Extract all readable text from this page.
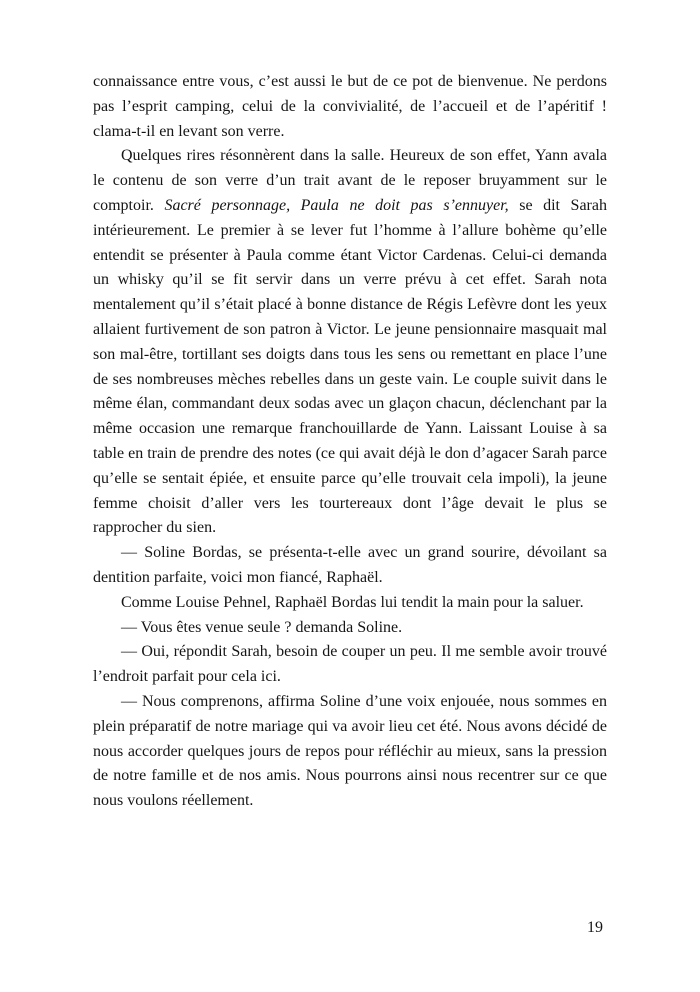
connaissance entre vous, c’est aussi le but de ce pot de bienvenue. Ne perdons pas l’esprit camping, celui de la convivialité, de l’accueil et de l’apéritif ! clama-t-il en levant son verre.

Quelques rires résonnèrent dans la salle. Heureux de son effet, Yann avala le contenu de son verre d’un trait avant de le reposer bruyamment sur le comptoir. Sacré personnage, Paula ne doit pas s’ennuyer, se dit Sarah intérieurement. Le premier à se lever fut l’homme à l’allure bohème qu’elle entendit se présenter à Paula comme étant Victor Cardenas. Celui-ci demanda un whisky qu’il se fit servir dans un verre prévu à cet effet. Sarah nota mentalement qu’il s’était placé à bonne distance de Régis Lefèvre dont les yeux allaient furtivement de son patron à Victor. Le jeune pensionnaire masquait mal son mal-être, tortillant ses doigts dans tous les sens ou remettant en place l’une de ses nombreuses mèches rebelles dans un geste vain. Le couple suivit dans le même élan, commandant deux sodas avec un glaçon chacun, déclenchant par la même occasion une remarque franchouillarde de Yann. Laissant Louise à sa table en train de prendre des notes (ce qui avait déjà le don d’agacer Sarah parce qu’elle se sentait épiée, et ensuite parce qu’elle trouvait cela impoli), la jeune femme choisit d’aller vers les tourtereaux dont l’âge devait le plus se rapprocher du sien.

— Soline Bordas, se présenta-t-elle avec un grand sourire, dévoilant sa dentition parfaite, voici mon fiancé, Raphaël.

Comme Louise Pehnel, Raphaël Bordas lui tendit la main pour la saluer.

— Vous êtes venue seule ? demanda Soline.

— Oui, répondit Sarah, besoin de couper un peu. Il me semble avoir trouvé l’endroit parfait pour cela ici.

— Nous comprenons, affirma Soline d’une voix enjouée, nous sommes en plein préparatif de notre mariage qui va avoir lieu cet été. Nous avons décidé de nous accorder quelques jours de repos pour réfléchir au mieux, sans la pression de notre famille et de nos amis. Nous pourrons ainsi nous recentrer sur ce que nous voulons réellement.

19
